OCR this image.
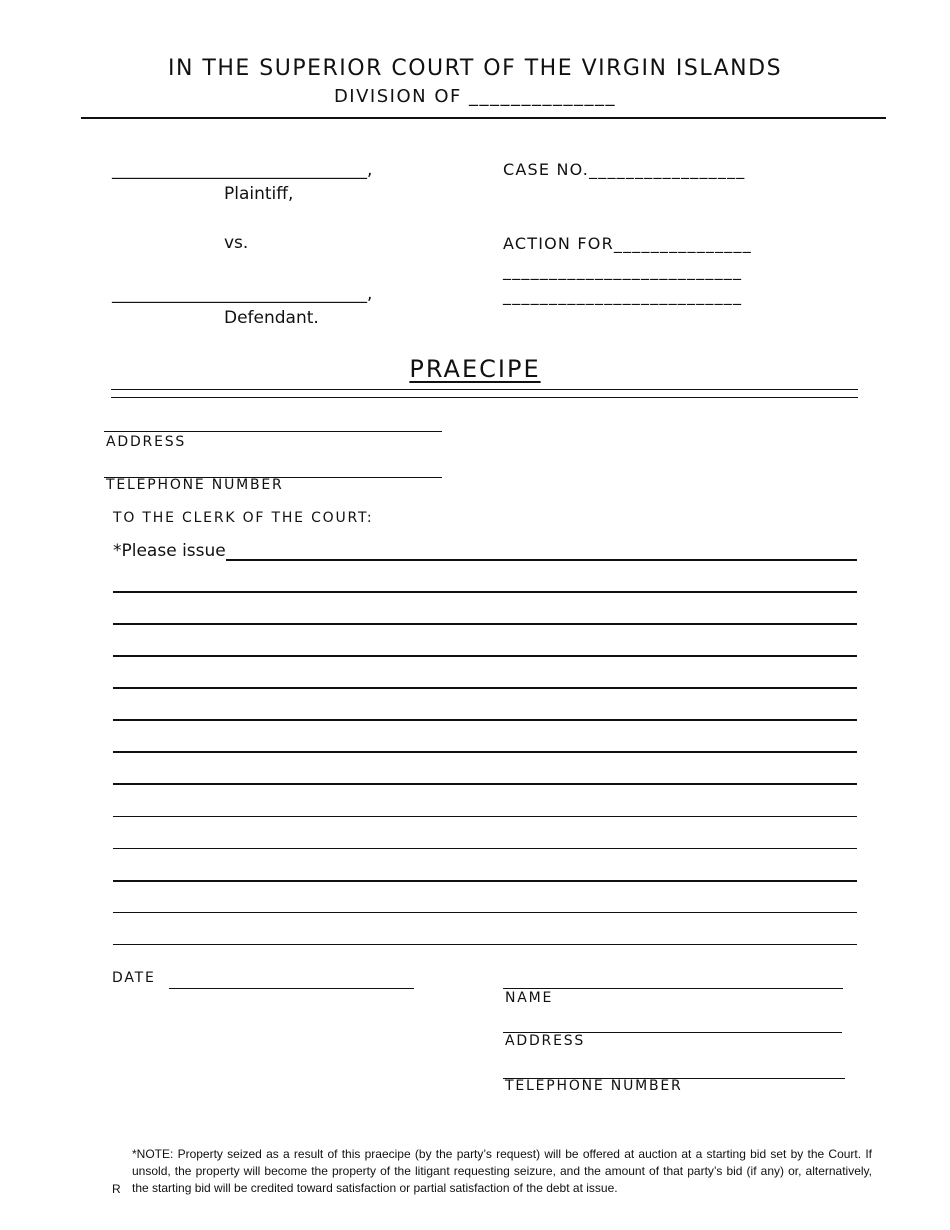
IN THE SUPERIOR COURT OF THE VIRGIN ISLANDS
DIVISION OF ______________
______________________________,
Plaintiff,
vs.
______________________________,
Defendant.
CASE NO._________________
ACTION FOR_______________
__________________________
__________________________
PRAECIPE
ADDRESS
TELEPHONE NUMBER
TO THE CLERK OF THE COURT:
*Please issue
DATE
NAME
ADDRESS
TELEPHONE NUMBER
*NOTE: Property seized as a result of this praecipe (by the party’s request) will be offered at auction at a starting bid set by the Court. If unsold, the property will become the property of the litigant requesting seizure, and the amount of that party’s bid (if any) or, alternatively, the starting bid will be credited toward satisfaction or partial satisfaction of the debt at issue.
R
